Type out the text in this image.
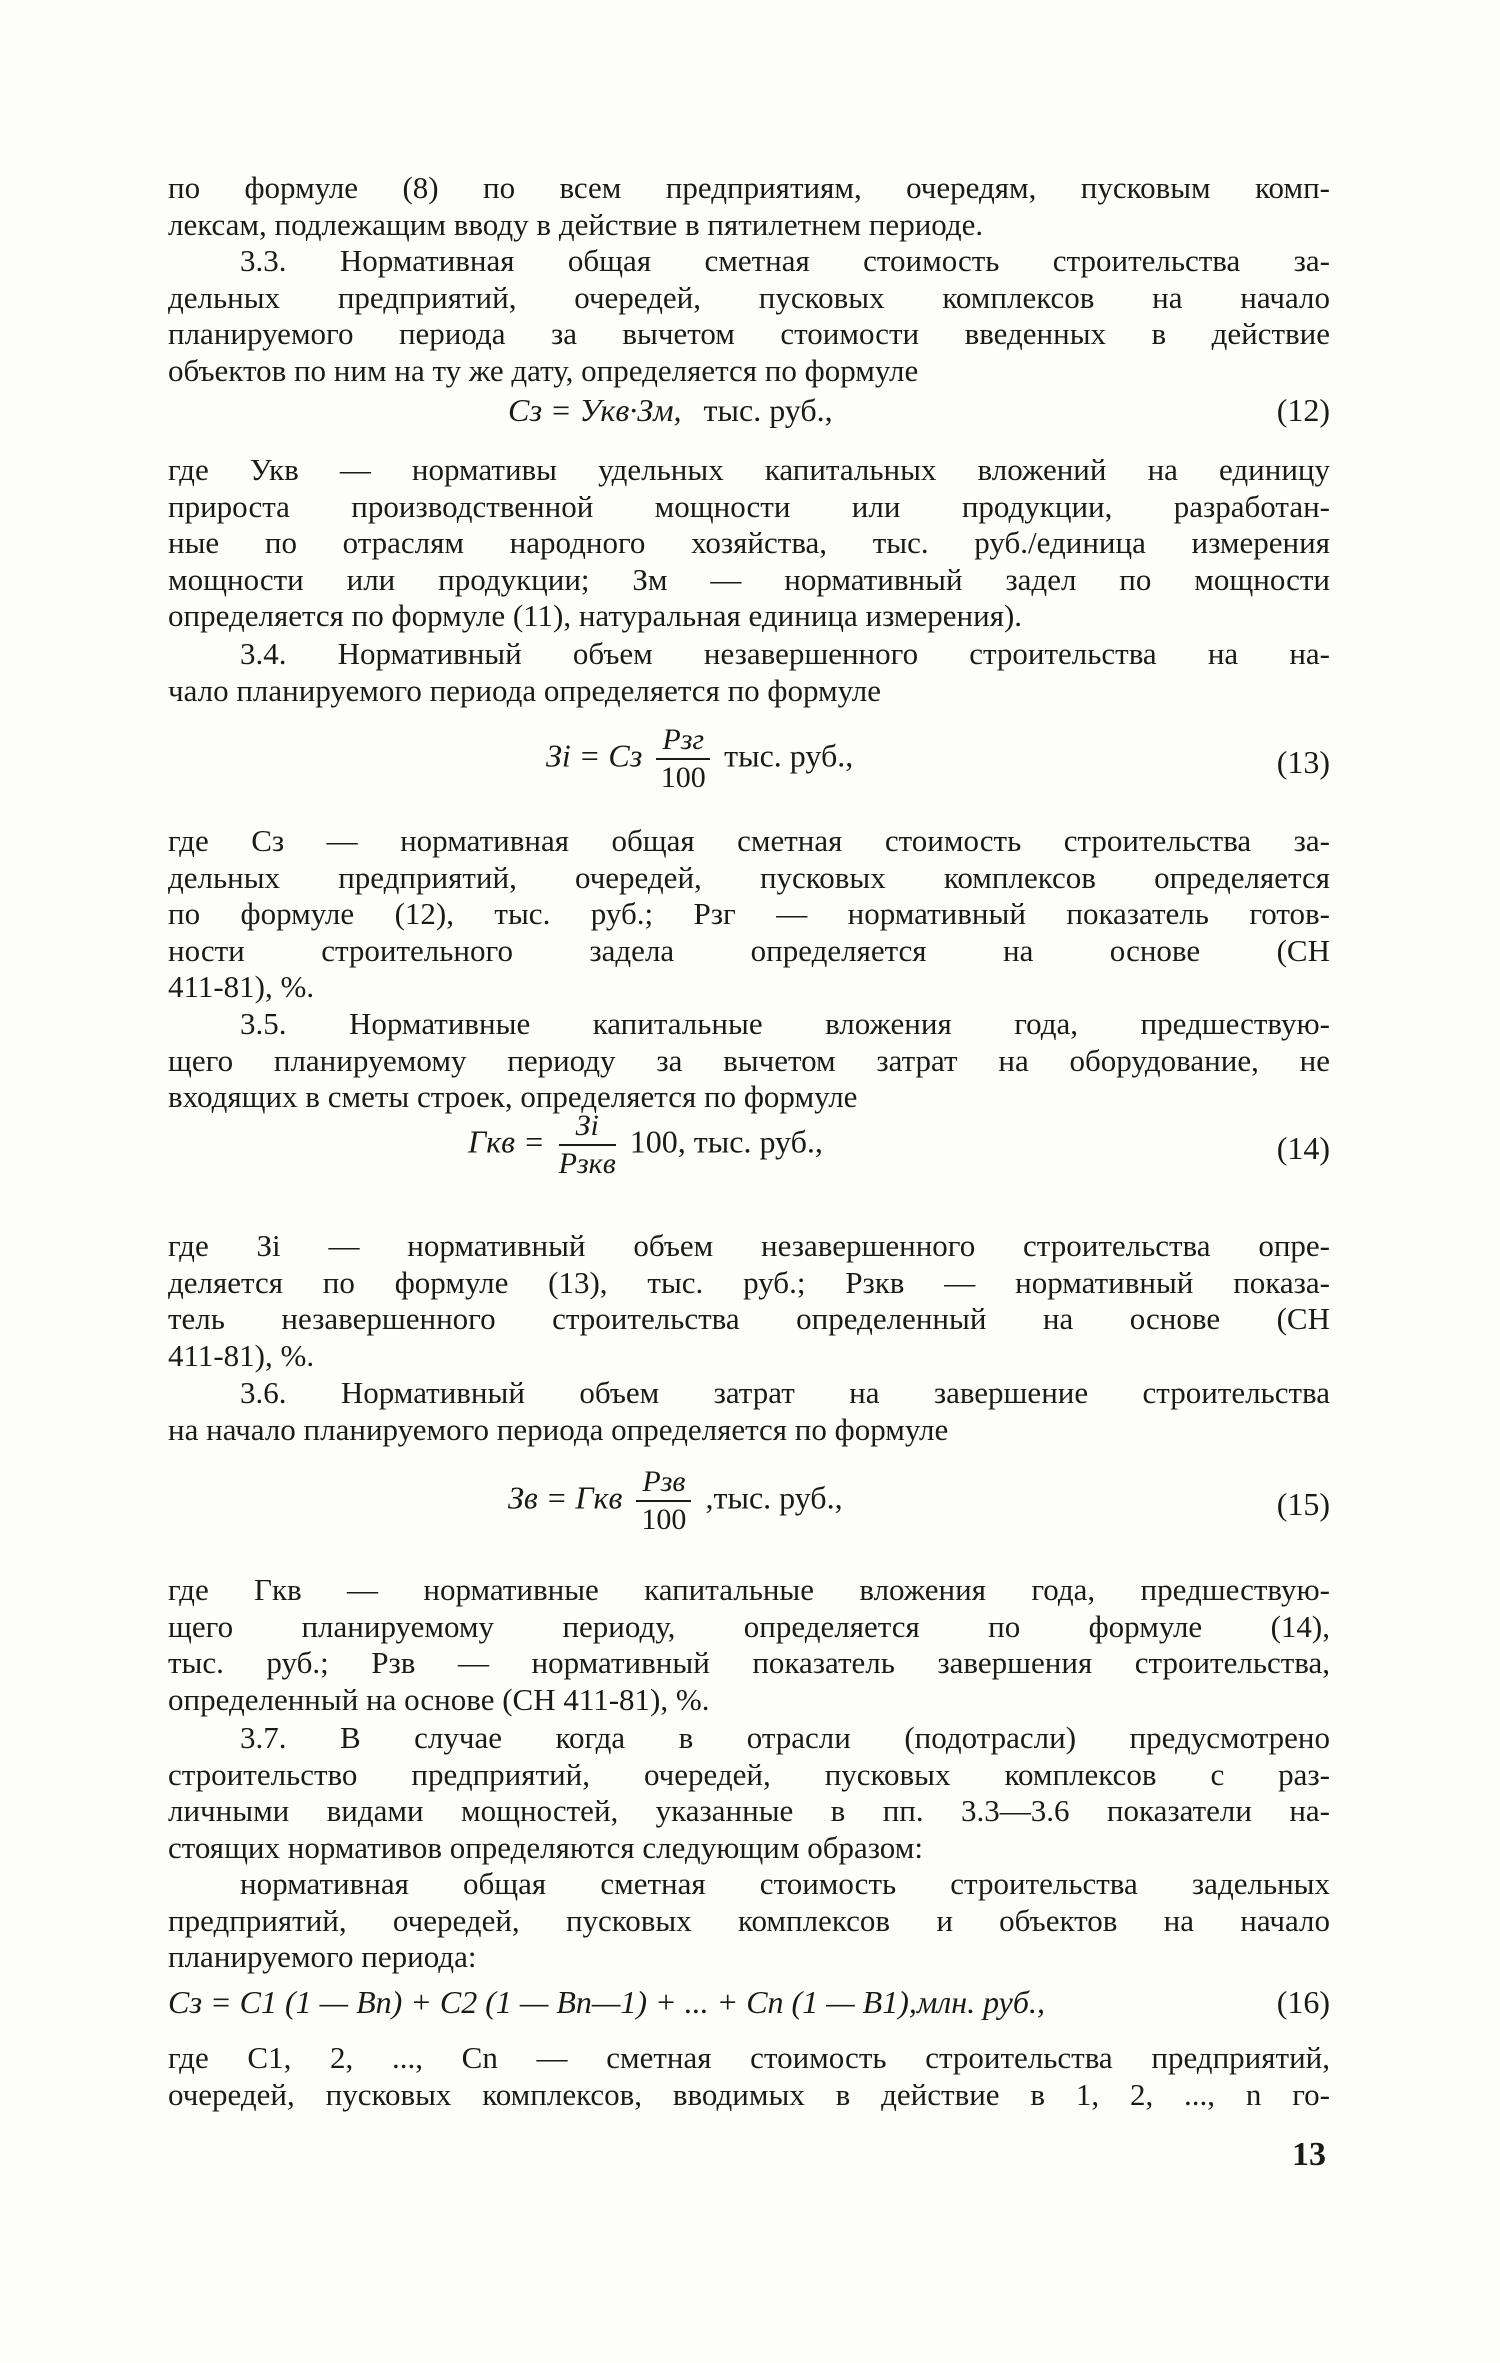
по формуле (8) по всем предприятиям, очередям, пусковым комп-
лексам, подлежащим вводу в действие в пятилетнем периоде.
3.3. Нормативная общая сметная стоимость строительства за-
дельных предприятий, очередей, пусковых комплексов на начало
планируемого периода за вычетом стоимости введенных в действие
объектов по ним на ту же дату, определяется по формуле
Сз = Укв·Зм, тыс. руб.,	(12)
где Укв — нормативы удельных капитальных вложений на единицу
прироста производственной мощности или продукции, разработан-
ные по отраслям народного хозяйства, тыс. руб./единица измерения
мощности или продукции; Зм — нормативный задел по мощности
определяется по формуле (11), натуральная единица измерения).
3.4. Нормативный объем незавершенного строительства на на-
чало планируемого периода определяется по формуле
Зi = Сз $\frac{\text{Рзг}}{100}$ тыс. руб.,	(13)
где Сз — нормативная общая сметная стоимость строительства за-
дельных предприятий, очередей, пусковых комплексов определяется
по формуле (12), тыс. руб.; Рзг — нормативный показатель готов-
ности строительного задела определяется на основе (СН
411-81), %.
3.5. Нормативные капитальные вложения года, предшествую-
щего планируемому периоду за вычетом затрат на оборудование, не
входящих в сметы строек, определяется по формуле
Гкв = $\frac{Зi}{\text{Рзкв}} 100$, тыс. руб.,	(14)
где Зi — нормативный объем незавершенного строительства опре-
деляется по формуле (13), тыс. руб.; Рзкв — нормативный показа-
тель незавершенного строительства определенный на основе (СН
411-81), %.
3.6. Нормативный объем затрат на завершение строительства
на начало планируемого периода определяется по формуле
Зв = Гкв $\frac{\text{Рзв}}{100} ,тыс$. руб.,	(15)
где Гкв — нормативные капитальные вложения года, предшествую-
щего планируемому периоду, определяется по формуле (14),
тыс. руб.; Рзв — нормативный показатель завершения строительства,
определенный на основе (СН 411-81), %.
3.7. В случае когда в отрасли (подотрасли) предусмотрено
строительство предприятий, очередей, пусковых комплексов с раз-
личными видами мощностей, указанные в пп. 3.3—3.6 показатели на-
стоящих нормативов определяются следующим образом:
нормативная общая сметная стоимость строительства задельных
предприятий, очередей, пусковых комплексов и объектов на начало
планируемого периода:
Сз = С1 (1 — Вn) + С2 (1 — Вn—1) + ... + Сn (1 — В1),млн. руб.,	(16)
где С1, 2, ..., Сn — сметная стоимость строительства предприятий,
очередей, пусковых комплексов, вводимых в действие в 1, 2, ..., n го-
13
